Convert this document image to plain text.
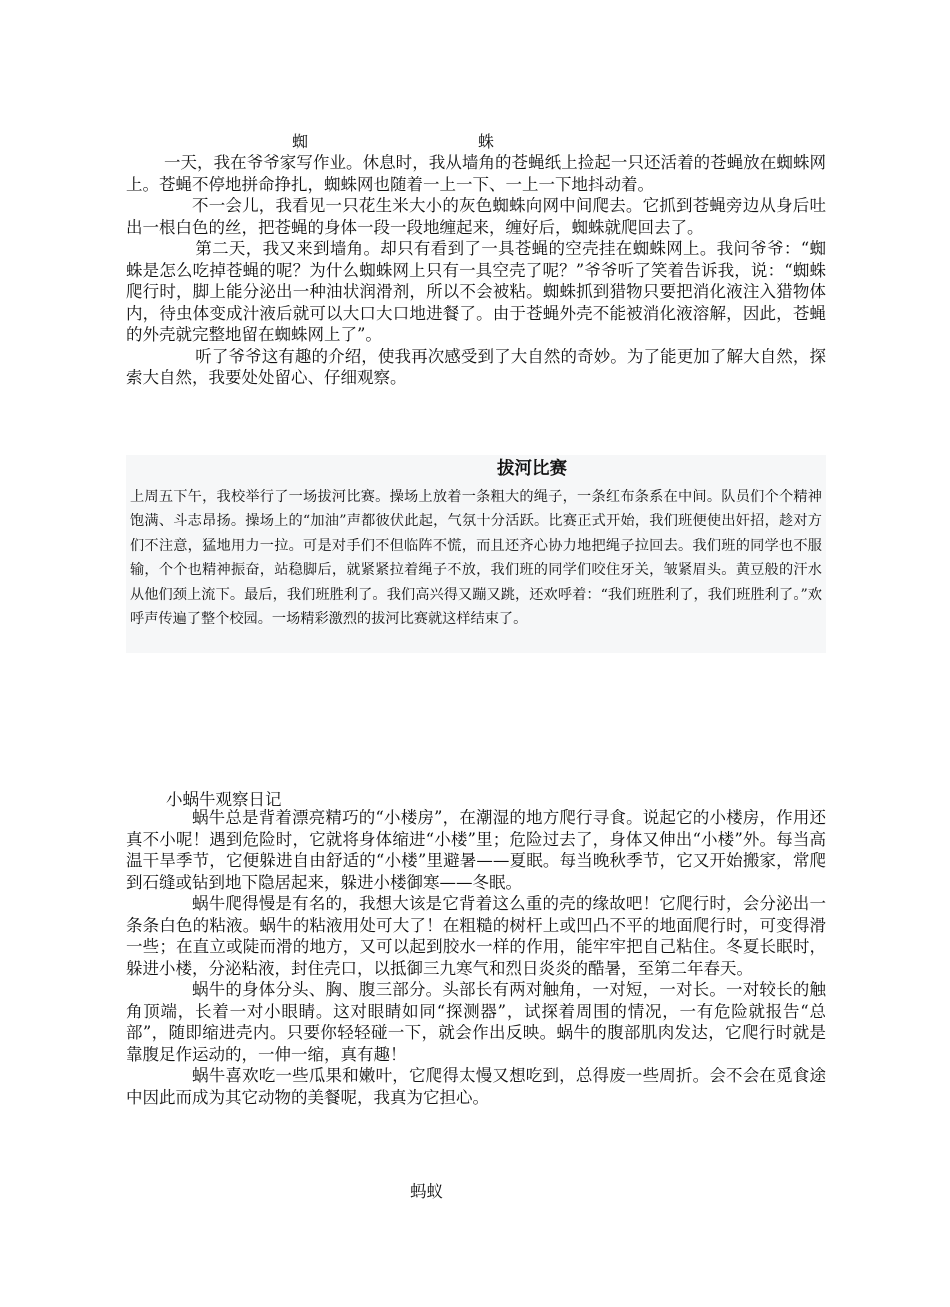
蜘　　蛛

一天，我在爷爷家写作业。休息时，我从墙角的苍蝇纸上捡起一只还活着的苍蝇放在蜘蛛网上。苍蝇不停地拼命挣扎，蜘蛛网也随着一上一下、一上一下地抖动着。

不一会儿，我看见一只花生米大小的灰色蜘蛛向网中间爬去。它抓到苍蝇旁边从身后吐出一根白色的丝，把苍蝇的身体一段一段地缠起来，缠好后，蜘蛛就爬回去了。

第二天，我又来到墙角。却只有看到了一具苍蝇的空壳挂在蜘蛛网上。我问爷爷：“蜘蛛是怎么吃掉苍蝇的呢？为什么蜘蛛网上只有一具空壳了呢？”爷爷听了笑着告诉我，说：“蜘蛛爬行时，脚上能分泌出一种油状润滑剂，所以不会被粘。蜘蛛抓到猎物只要把消化液注入猎物体内，待虫体变成汁液后就可以大口大口地进餐了。由于苍蝇外壳不能被消化液溶解，因此，苍蝇的外壳就完整地留在蜘蛛网上了”。

听了爷爷这有趣的介绍，使我再次感受到了大自然的奇妙。为了能更加了解大自然，探索大自然，我要处处留心、仔细观察。

拔河比赛

上周五下午，我校举行了一场拔河比赛。操场上放着一条粗大的绳子，一条红布条系在中间。队员们个个精神饱满、斗志昂扬。操场上的“加油”声都彼伏此起，气氛十分活跃。比赛正式开始，我们班便使出奸招，趁对方们不注意，猛地用力一拉。可是对手们不但临阵不慌，而且还齐心协力地把绳子拉回去。我们班的同学也不服输，个个也精神振奋，站稳脚后，就紧紧拉着绳子不放，我们班的同学们咬住牙关，皱紧眉头。黄豆般的汗水从他们颈上流下。最后，我们班胜利了。我们高兴得又蹦又跳，还欢呼着：“我们班胜利了，我们班胜利了。”欢呼声传遍了整个校园。一场精彩激烈的拔河比赛就这样结束了。

小蜗牛观察日记

蜗牛总是背着漂亮精巧的“小楼房”，在潮湿的地方爬行寻食。说起它的小楼房，作用还真不小呢！遇到危险时，它就将身体缩进“小楼”里；危险过去了，身体又伸出“小楼”外。每当高温干旱季节，它便躲进自由舒适的“小楼”里避暑——夏眠。每当晚秋季节，它又开始搬家，常爬到石缝或钻到地下隐居起来，躲进小楼御寒——冬眠。

蜗牛爬得慢是有名的，我想大该是它背着这么重的壳的缘故吧！它爬行时，会分泌出一条条白色的粘液。蜗牛的粘液用处可大了！在粗糙的树杆上或凹凸不平的地面爬行时，可变得滑一些；在直立或陡而滑的地方，又可以起到胶水一样的作用，能牢牢把自己粘住。冬夏长眠时，躲进小楼，分泌粘液，封住壳口，以抵御三九寒气和烈日炎炎的酷暑，至第二年春天。

蜗牛的身体分头、胸、腹三部分。头部长有两对触角，一对短，一对长。一对较长的触角顶端，长着一对小眼睛。这对眼睛如同“探测器”，试探着周围的情况，一有危险就报告“总部”，随即缩进壳内。只要你轻轻碰一下，就会作出反映。蜗牛的腹部肌肉发达，它爬行时就是靠腹足作运动的，一伸一缩，真有趣！

蜗牛喜欢吃一些瓜果和嫩叶，它爬得太慢又想吃到，总得废一些周折。会不会在觅食途中因此而成为其它动物的美餐呢，我真为它担心。

蚂蚁
